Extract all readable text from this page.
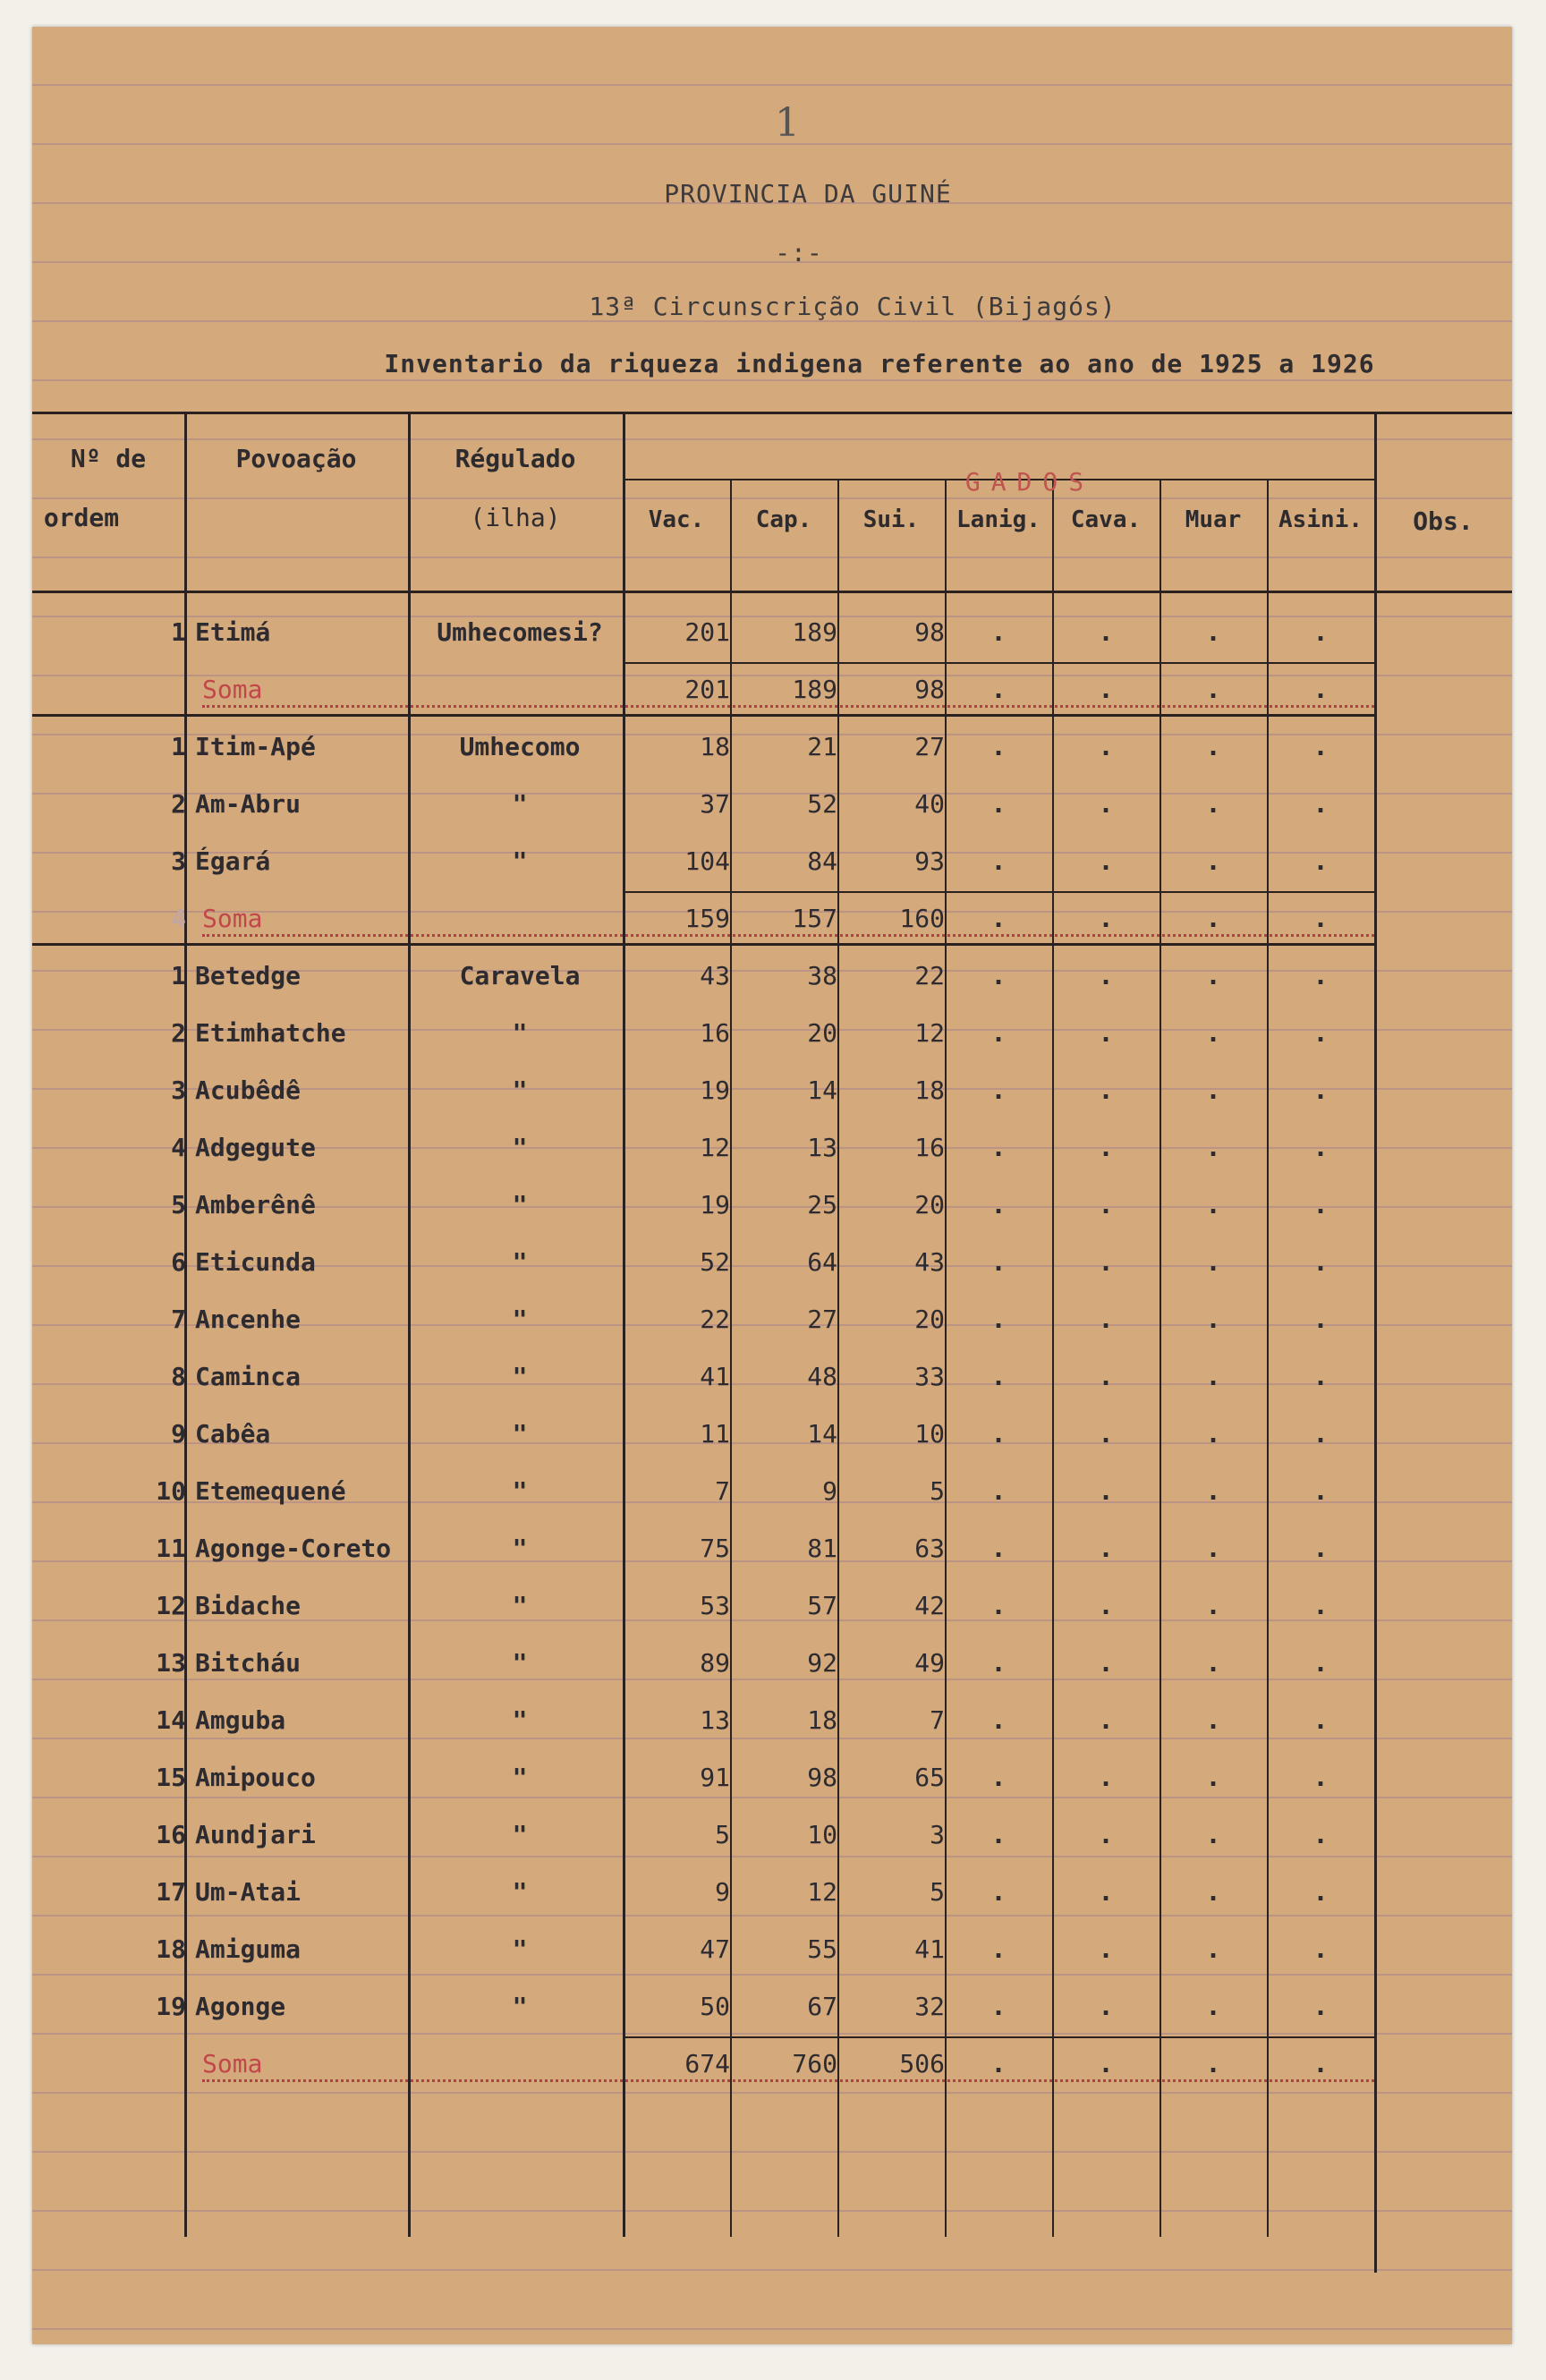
1
PROVINCIA DA GUINÉ
-:-
13ª Circunscrição Civil (Bijagós)
Inventario da riqueza indigena referente ao ano de 1925 a 1926
Nº de
ordem
Povoação	Régulado
(ilha)
GADOS
Vac.	Cap.	Sui.	Lanig.	Cava.	Muar	Asini.	Obs.
1 Etimá	Umhecomesi?	201	189	98	.	.	.	.
Soma	201	189	98	.	.	.	.
1 Itim-Apé	Umhecomo	18	21	27	.	.	.	.
2 Am-Abru	"	37	52	40	.	.	.	.
3 Égará	"	104	84	93	.	.	.	.
4 Soma	159	157	160	.	.	.	.
1 Betedge	Caravela	43	38	22	.	.	.	.
2 Etimhatche	"	16	20	12	.	.	.	.
3 Acubêdê	"	19	14	18	.	.	.	.
4 Adgegute	"	12	13	16	.	.	.	.
5 Amberênê	"	19	25	20	.	.	.	.
6 Eticunda	"	52	64	43	.	.	.	.
7 Ancenhe	"	22	27	20	.	.	.	.
8 Caminca	"	41	48	33	.	.	.	.
9 Cabêa	"	11	14	10	.	.	.	.
10 Etemequené	"	7	9	5	.	.	.	.
11 Agonge-Coreto	"	75	81	63	.	.	.	.
12 Bidache	"	53	57	42	.	.	.	.
13 Bitcháu	"	89	92	49	.	.	.	.
14 Amguba	"	13	18	7	.	.	.	.
15 Amipouco	"	91	98	65	.	.	.	.
16 Aundjari	"	5	10	3	.	.	.	.
17 Um-Atai	"	9	12	5	.	.	.	.
18 Amiguma	"	47	55	41	.	.	.	.
19 Agonge	"	50	67	32	.	.	.	.
Soma	674	760	506	.	.	.	.
